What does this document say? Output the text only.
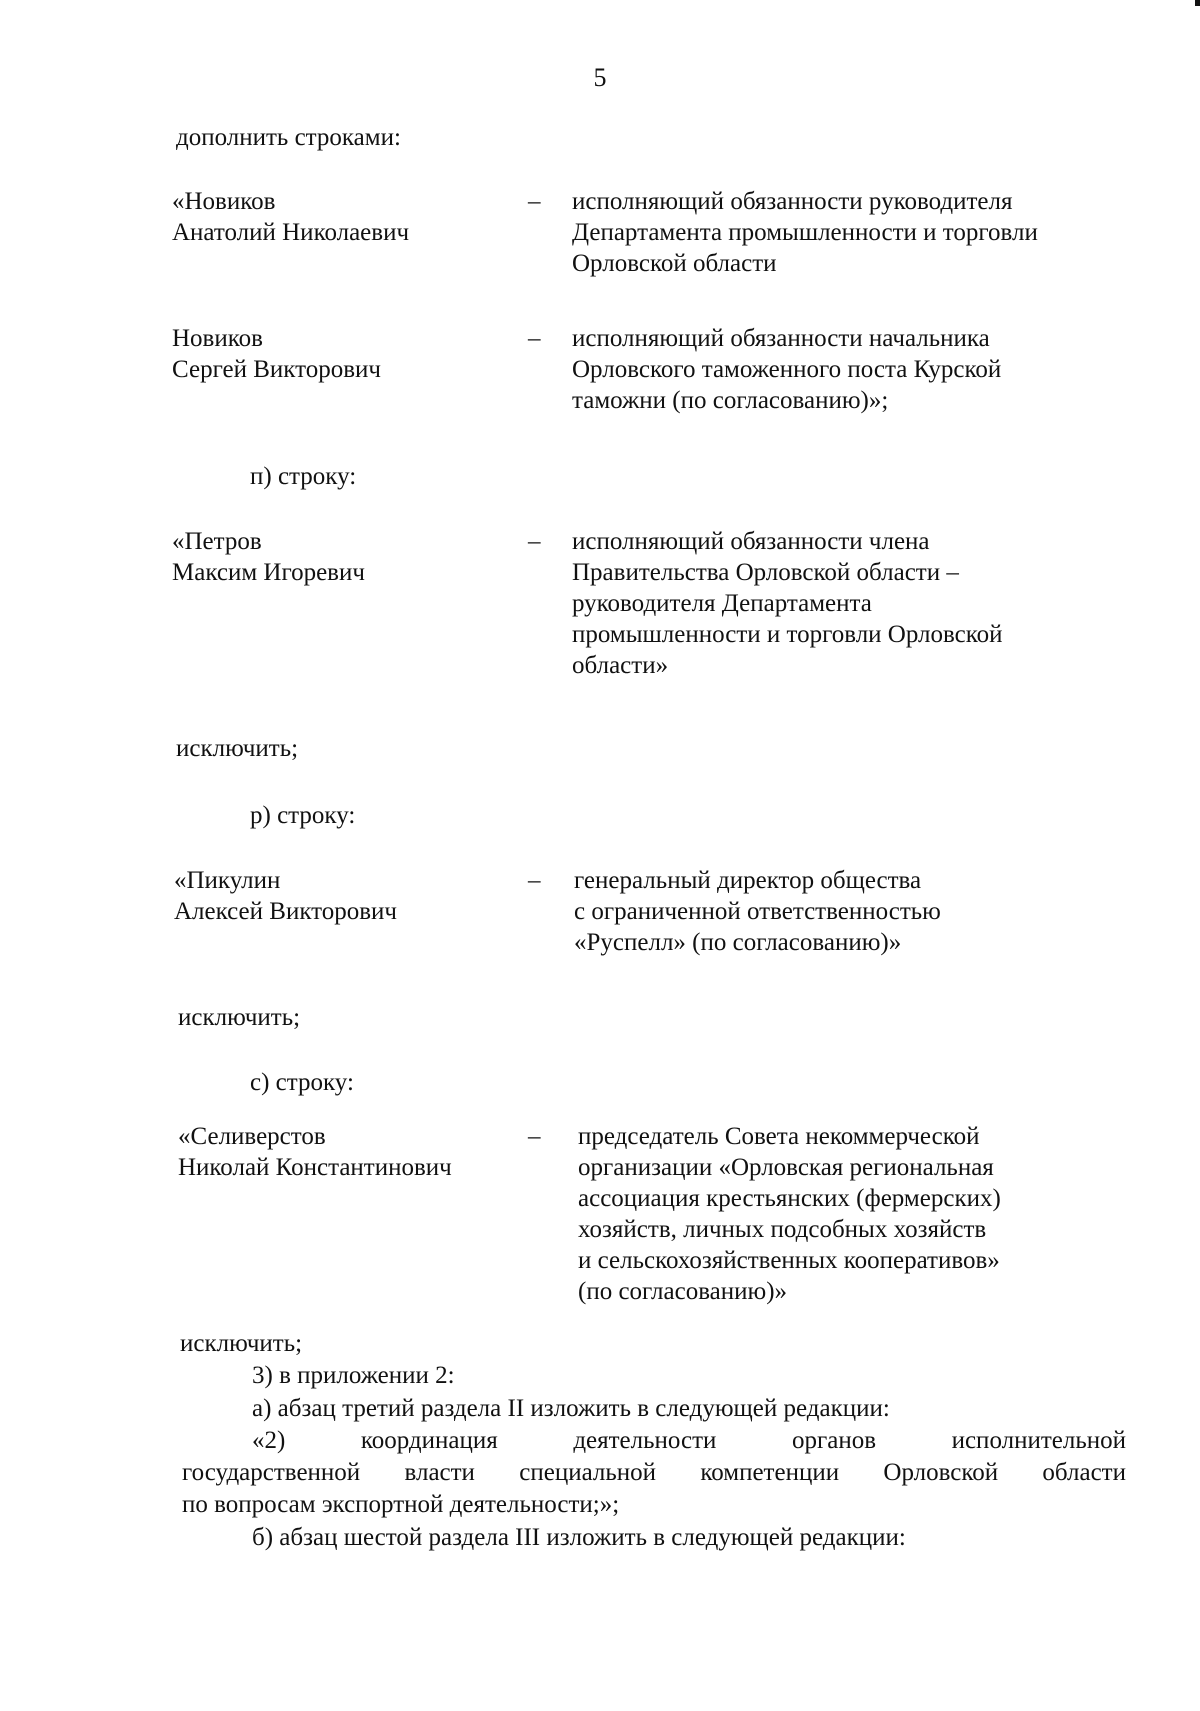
5
дополнить строками:
«Новиков
Анатолий Николаевич
– исполняющий обязанности руководителя
Департамента промышленности и торговли
Орловской области
Новиков
Сергей Викторович
– исполняющий обязанности начальника
Орловского таможенного поста Курской
таможни (по согласованию)»;
п) строку:
«Петров
Максим Игоревич
– исполняющий обязанности члена
Правительства Орловской области –
руководителя Департамента
промышленности и торговли Орловской
области»
исключить;
р) строку:
«Пикулин
Алексей Викторович
– генеральный директор общества
с ограниченной ответственностью
«Руспелл» (по согласованию)»
исключить;
с) строку:
«Селиверстов
Николай Константинович
– председатель Совета некоммерческой
организации «Орловская региональная
ассоциация крестьянских (фермерских)
хозяйств, личных подсобных хозяйств
и сельскохозяйственных кооперативов»
(по согласованию)»
исключить;
3) в приложении 2:
а) абзац третий раздела II изложить в следующей редакции:
«2) координация деятельности органов исполнительной
государственной власти специальной компетенции Орловской области
по вопросам экспортной деятельности;»;
б) абзац шестой раздела III изложить в следующей редакции:
